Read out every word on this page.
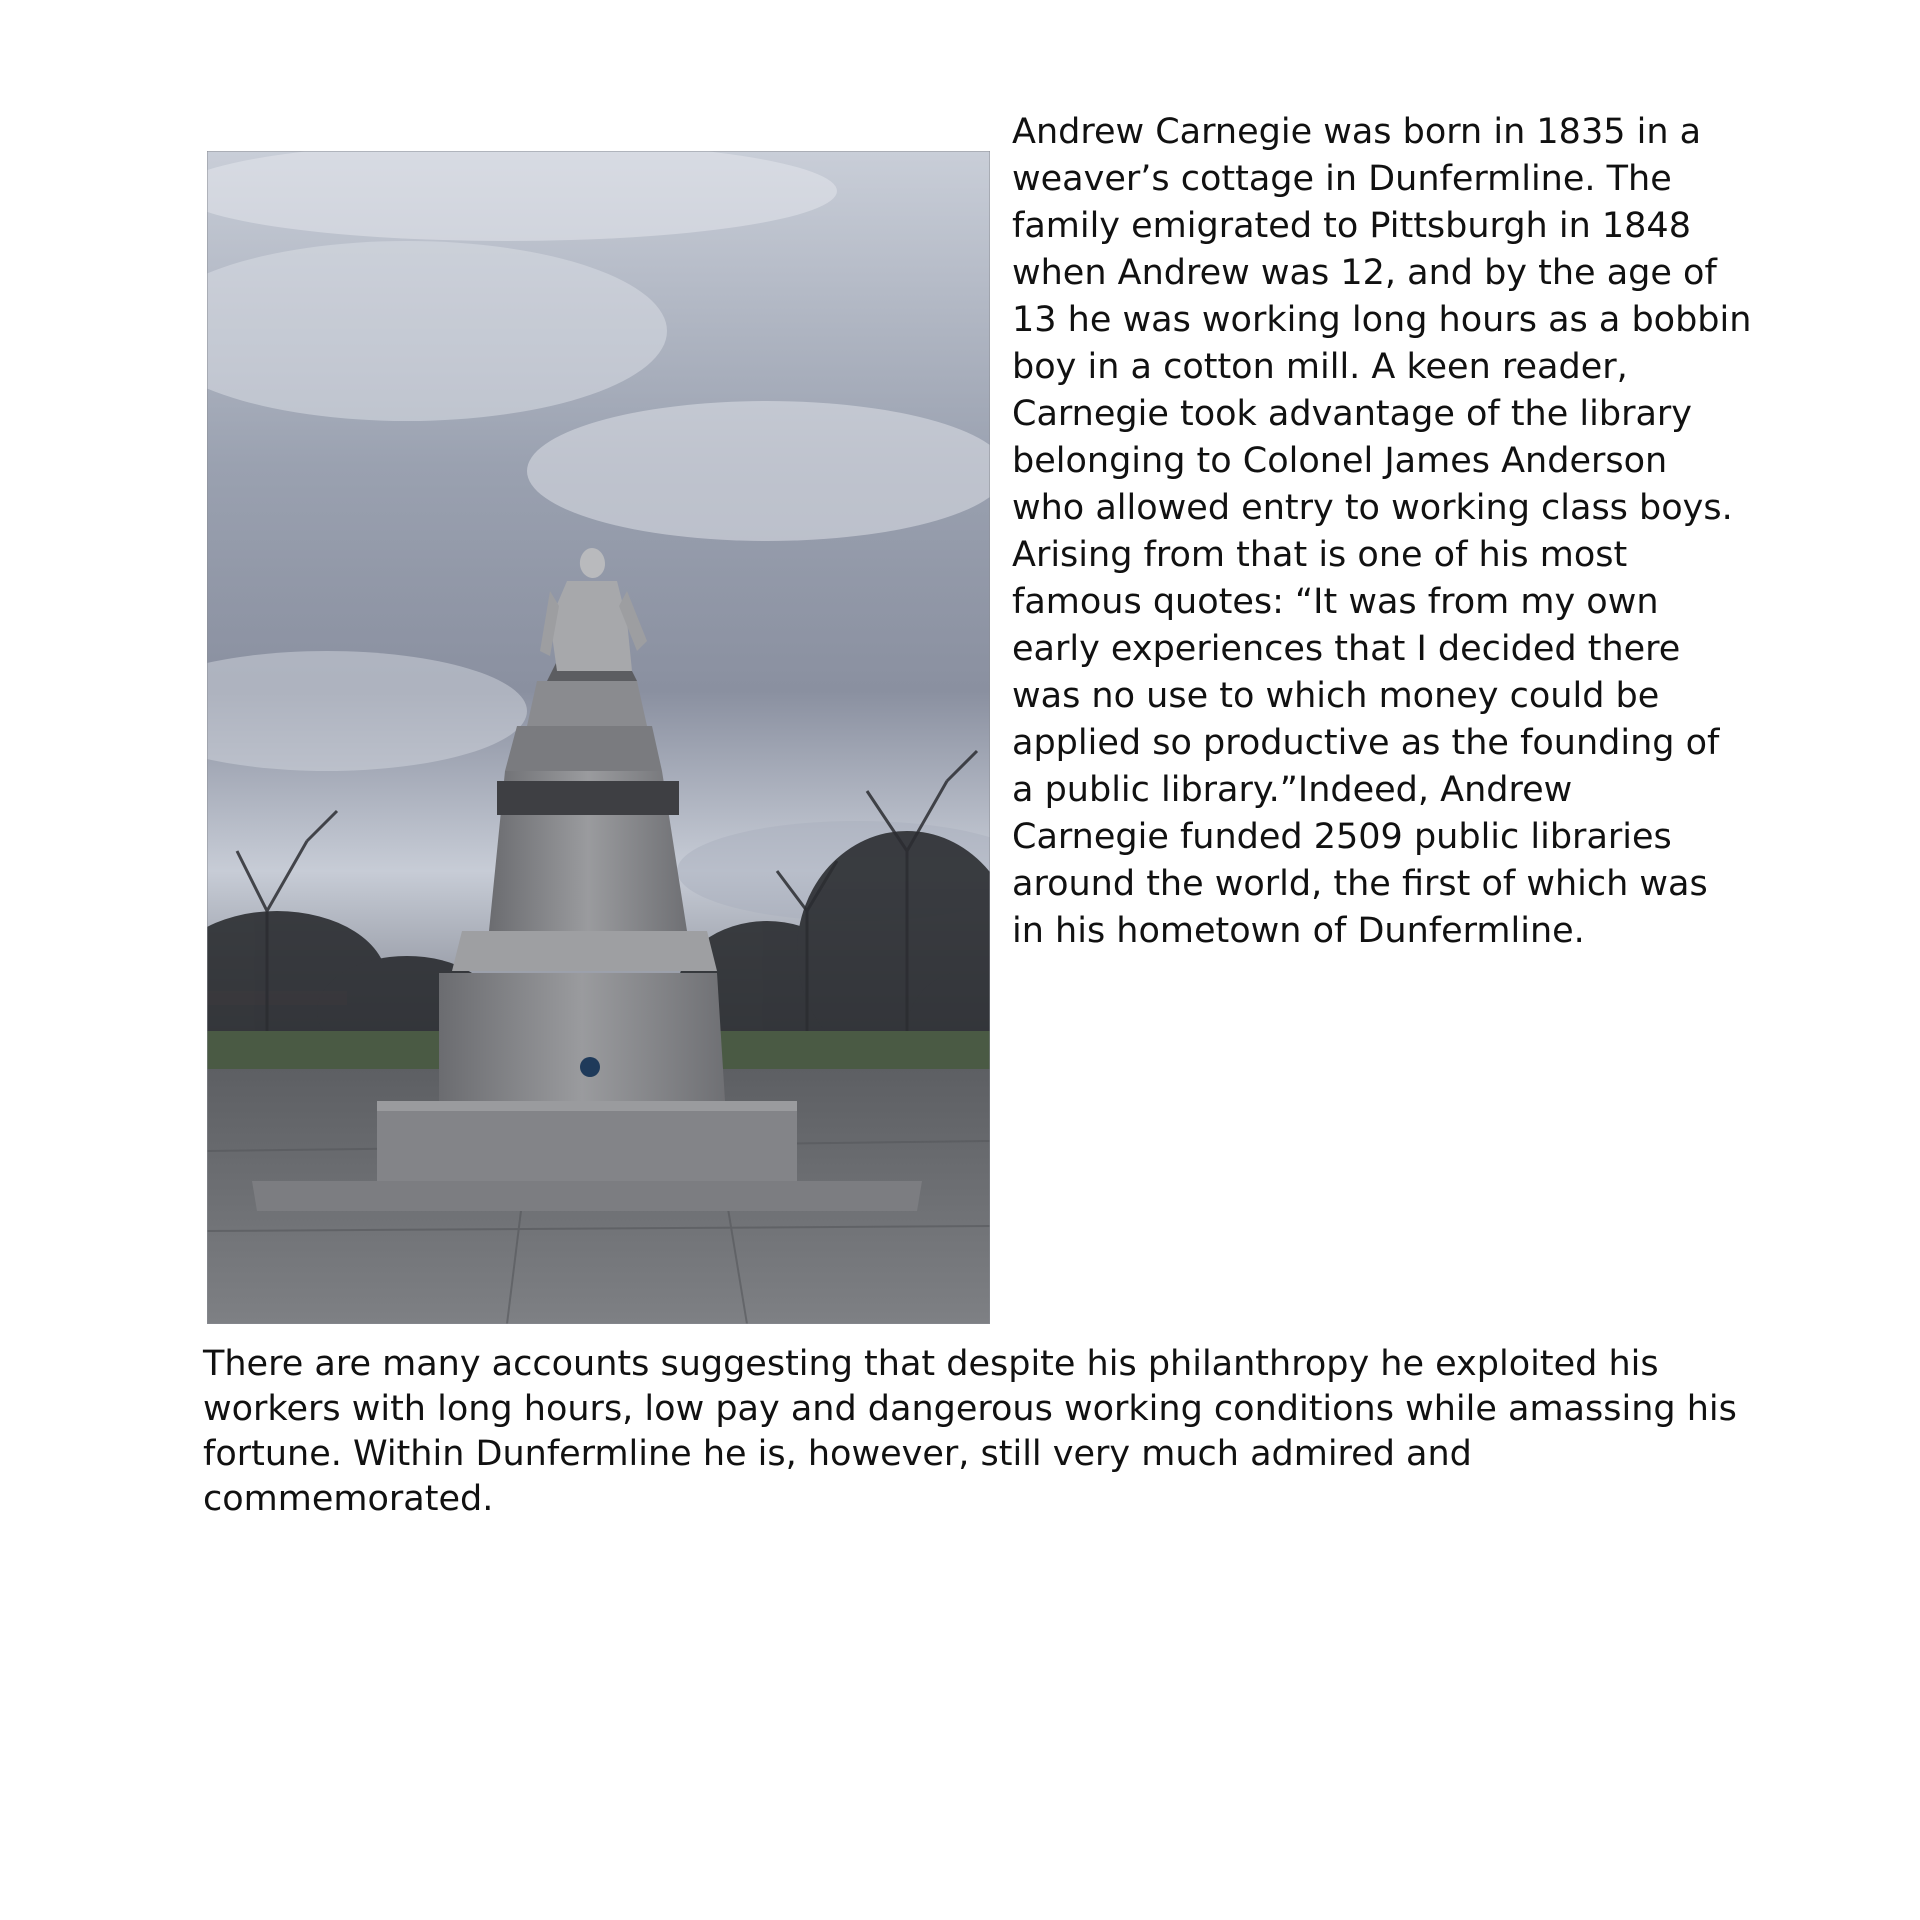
Andrew Carnegie was born in 1835 in a
weaver’s cottage in Dunfermline. The
family emigrated to Pittsburgh in 1848
when Andrew was 12, and by the age of
13 he was working long hours as a bobbin
boy in a cotton mill. A keen reader,
Carnegie took advantage of the library
belonging to Colonel James Anderson
who allowed entry to working class boys.
Arising from that is one of his most
famous quotes: “It was from my own
early experiences that I decided there
was no use to which money could be
applied so productive as the founding of
a public library.”Indeed, Andrew
Carnegie funded 2509 public libraries
around the world, the first of which was
in his hometown of Dunfermline.

There are many accounts suggesting that despite his philanthropy he exploited his
workers with long hours, low pay and dangerous working conditions while amassing his
fortune. Within Dunfermline he is, however, still very much admired and
commemorated.
